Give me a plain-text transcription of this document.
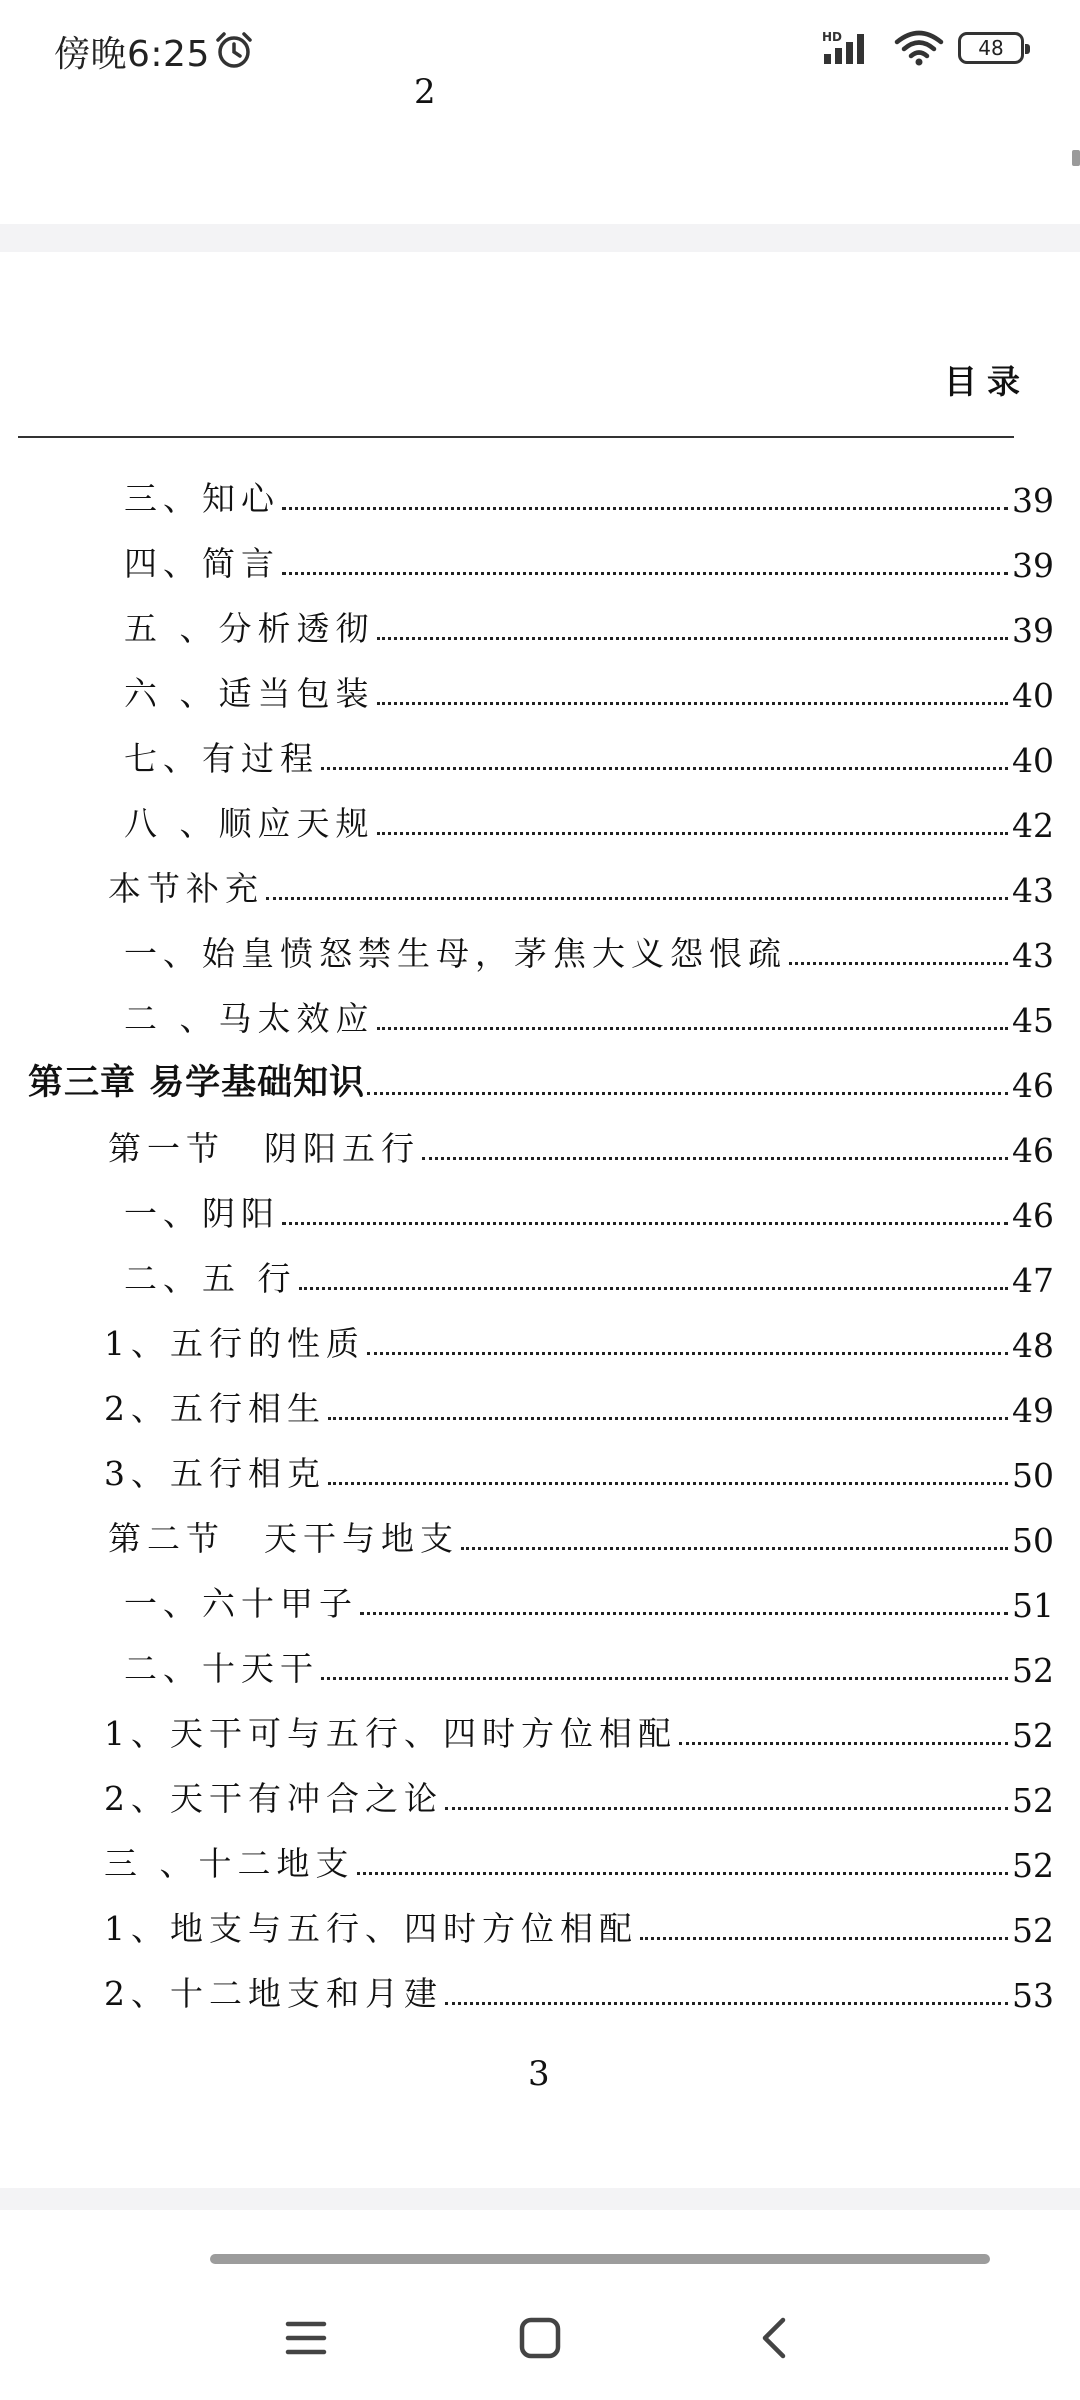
傍晚6:25	HD	48
2
目录
三、知心	39
四、简言	39
五 、分析透彻	39
六 、适当包装	40
七、有过程	40
八 、顺应天规	42
本节补充	43
一、始皇愤怒禁生母，茅焦大义怨恨疏	43
二 、马太效应	45
第三章 易学基础知识	46
第一节　阴阳五行	46
一、阴阳	46
二、五 行	47
1、五行的性质	48
2、五行相生	49
3、五行相克	50
第二节　天干与地支	50
一、六十甲子	51
二、十天干	52
1、天干可与五行、四时方位相配	52
2、天干有冲合之论	52
三 、十二地支	52
1、地支与五行、四时方位相配	52
2、十二地支和月建	53
3
